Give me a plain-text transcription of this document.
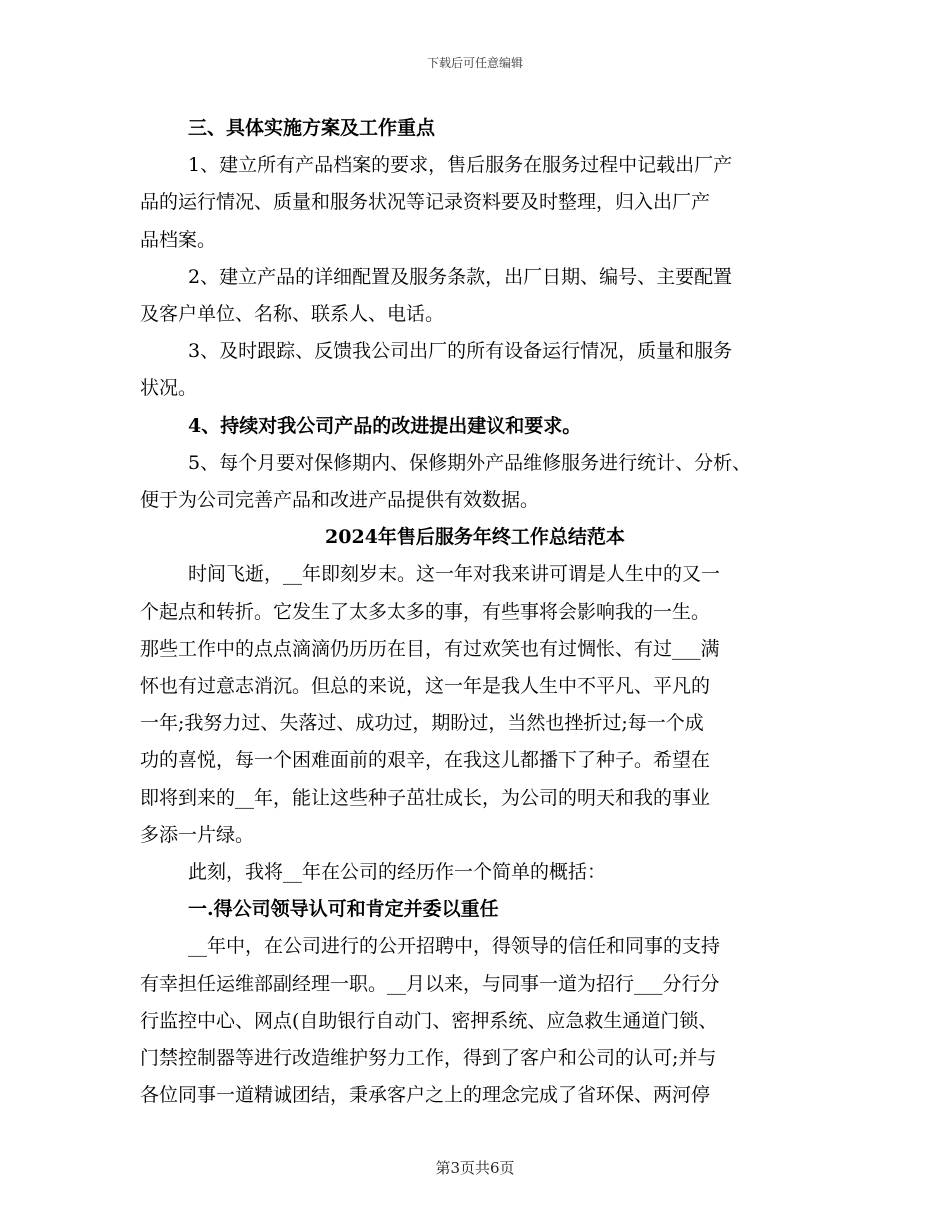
下载后可任意编辑
三、具体实施方案及工作重点
1、建立所有产品档案的要求，售后服务在服务过程中记载出厂产
品的运行情况、质量和服务状况等记录资料要及时整理，归入出厂产
品档案。
2、建立产品的详细配置及服务条款，出厂日期、编号、主要配置
及客户单位、名称、联系人、电话。
3、及时跟踪、反馈我公司出厂的所有设备运行情况，质量和服务
状况。
4、持续对我公司产品的改进提出建议和要求。
5、每个月要对保修期内、保修期外产品维修服务进行统计、分析、
便于为公司完善产品和改进产品提供有效数据。
2024年售后服务年终工作总结范本
时间飞逝，__年即刻岁末。这一年对我来讲可谓是人生中的又一
个起点和转折。它发生了太多太多的事，有些事将会影响我的一生。
那些工作中的点点滴滴仍历历在目，有过欢笑也有过惆怅、有过___满
怀也有过意志消沉。但总的来说，这一年是我人生中不平凡、平凡的
一年;我努力过、失落过、成功过，期盼过，当然也挫折过;每一个成
功的喜悦，每一个困难面前的艰辛，在我这儿都播下了种子。希望在
即将到来的__年，能让这些种子茁壮成长，为公司的明天和我的事业
多添一片绿。
此刻，我将__年在公司的经历作一个简单的概括：
一.得公司领导认可和肯定并委以重任
__年中，在公司进行的公开招聘中，得领导的信任和同事的支持
有幸担任运维部副经理一职。__月以来，与同事一道为招行___分行分
行监控中心、网点(自助银行自动门、密押系统、应急救生通道门锁、
门禁控制器等进行改造维护努力工作，得到了客户和公司的认可;并与
各位同事一道精诚团结，秉承客户之上的理念完成了省环保、两河停
第3页共6页
